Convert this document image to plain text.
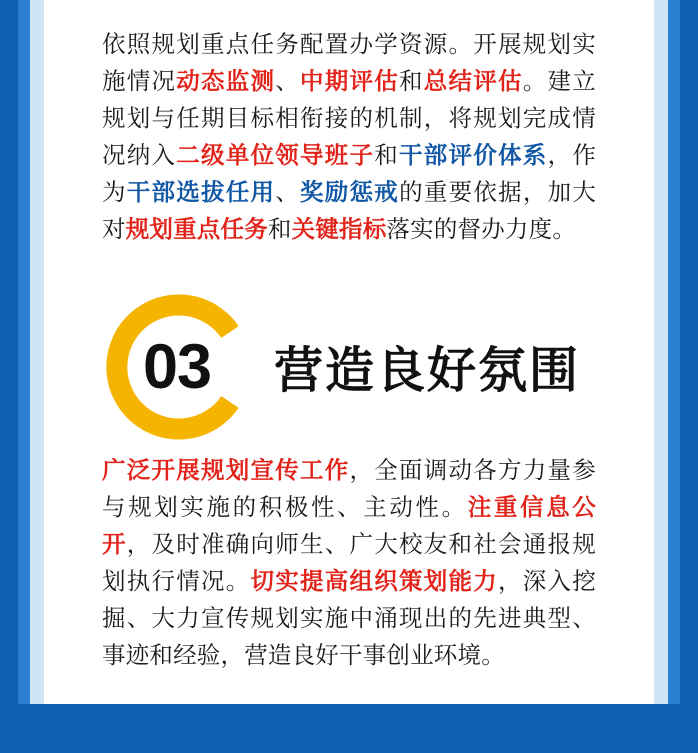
依照规划重点任务配置办学资源。开展规划实施情况动态监测、中期评估和总结评估。建立规划与任期目标相衔接的机制，将规划完成情况纳入二级单位领导班子和干部评价体系，作为干部选拔任用、奖励惩戒的重要依据，加大对规划重点任务和关键指标落实的督办力度。

03	营造良好氛围

广泛开展规划宣传工作，全面调动各方力量参与规划实施的积极性、主动性。注重信息公开，及时准确向师生、广大校友和社会通报规划执行情况。切实提高组织策划能力，深入挖掘、大力宣传规划实施中涌现出的先进典型、事迹和经验，营造良好干事创业环境。
